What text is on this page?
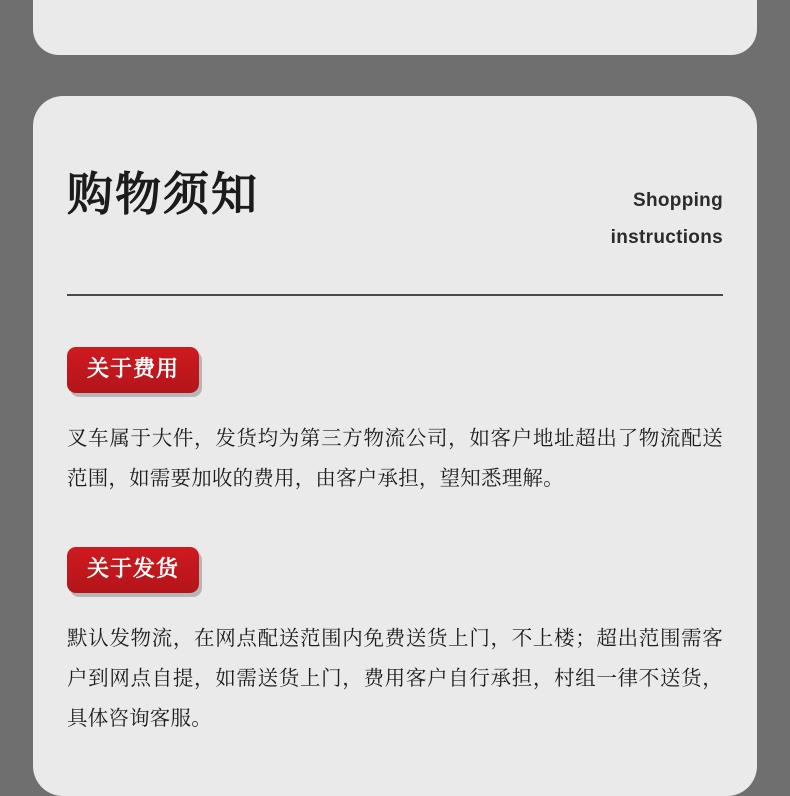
购物须知	Shopping
instructions
关于费用
叉车属于大件，发货均为第三方物流公司，如客户地址超出了物流配送范围，如需要加收的费用，由客户承担，望知悉理解。
关于发货
默认发物流，在网点配送范围内免费送货上门，不上楼；超出范围需客户到网点自提，如需送货上门，费用客户自行承担，村组一律不送货，具体咨询客服。
